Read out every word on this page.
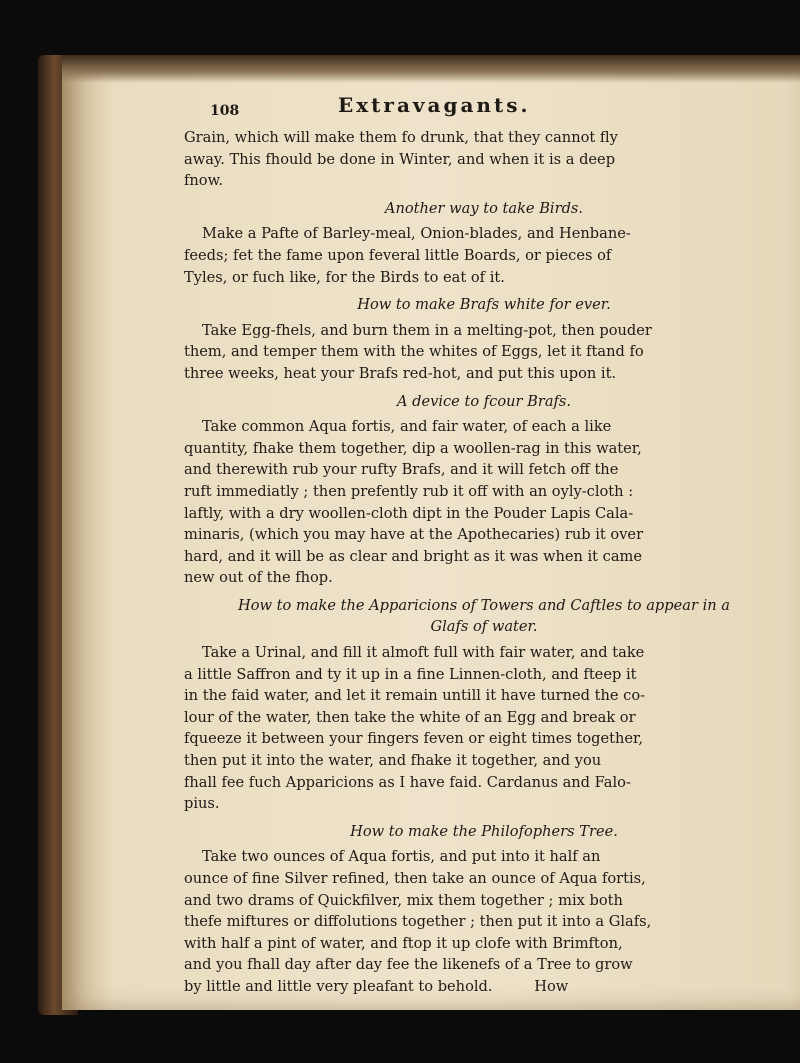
108	Extravagants.

Grain, which will make them fo drunk, that they cannot fly
away. This fhould be done in Winter, and when it is a deep
fnow.

Another way to take Birds.

Make a Pafte of Barley-meal, Onion-blades, and Henbane-
feeds; fet the fame upon feveral little Boards, or pieces of
Tyles, or fuch like, for the Birds to eat of it.

How to make Brafs white for ever.

Take Egg-fhels, and burn them in a melting-pot, then pouder
them, and temper them with the whites of Eggs, let it ftand fo
three weeks, heat your Brafs red-hot, and put this upon it.

A device to fcour Brafs.

Take common Aqua fortis, and fair water, of each a like
quantity, fhake them together, dip a woollen-rag in this water,
and therewith rub your rufty Brafs, and it will fetch off the
ruft immediatly ; then prefently rub it off with an oyly-cloth :
laftly, with a dry woollen-cloth dipt in the Pouder Lapis Cala-
minaris, (which you may have at the Apothecaries) rub it over
hard, and it will be as clear and bright as it was when it came
new out of the fhop.

How to make the Apparicions of Towers and Caftles to appear in a Glafs of water.

Take a Urinal, and fill it almoft full with fair water, and take
a little Saffron and ty it up in a fine Linnen-cloth, and fteep it
in the faid water, and let it remain untill it have turned the co-
lour of the water, then take the white of an Egg and break or
fqueeze it between your fingers feven or eight times together,
then put it into the water, and fhake it together, and you
fhall fee fuch Apparicions as I have faid. Cardanus and Falo-
pius.

How to make the Philofophers Tree.

Take two ounces of Aqua fortis, and put into it half an
ounce of fine Silver refined, then take an ounce of Aqua fortis,
and two drams of Quickfilver, mix them together ; mix both
thefe miftures or diffolutions together ; then put it into a Glafs,
with half a pint of water, and ftop it up clofe with Brimfton,
and you fhall day after day fee the likenefs of a Tree to grow
by little and little very pleafant to behold.         How
